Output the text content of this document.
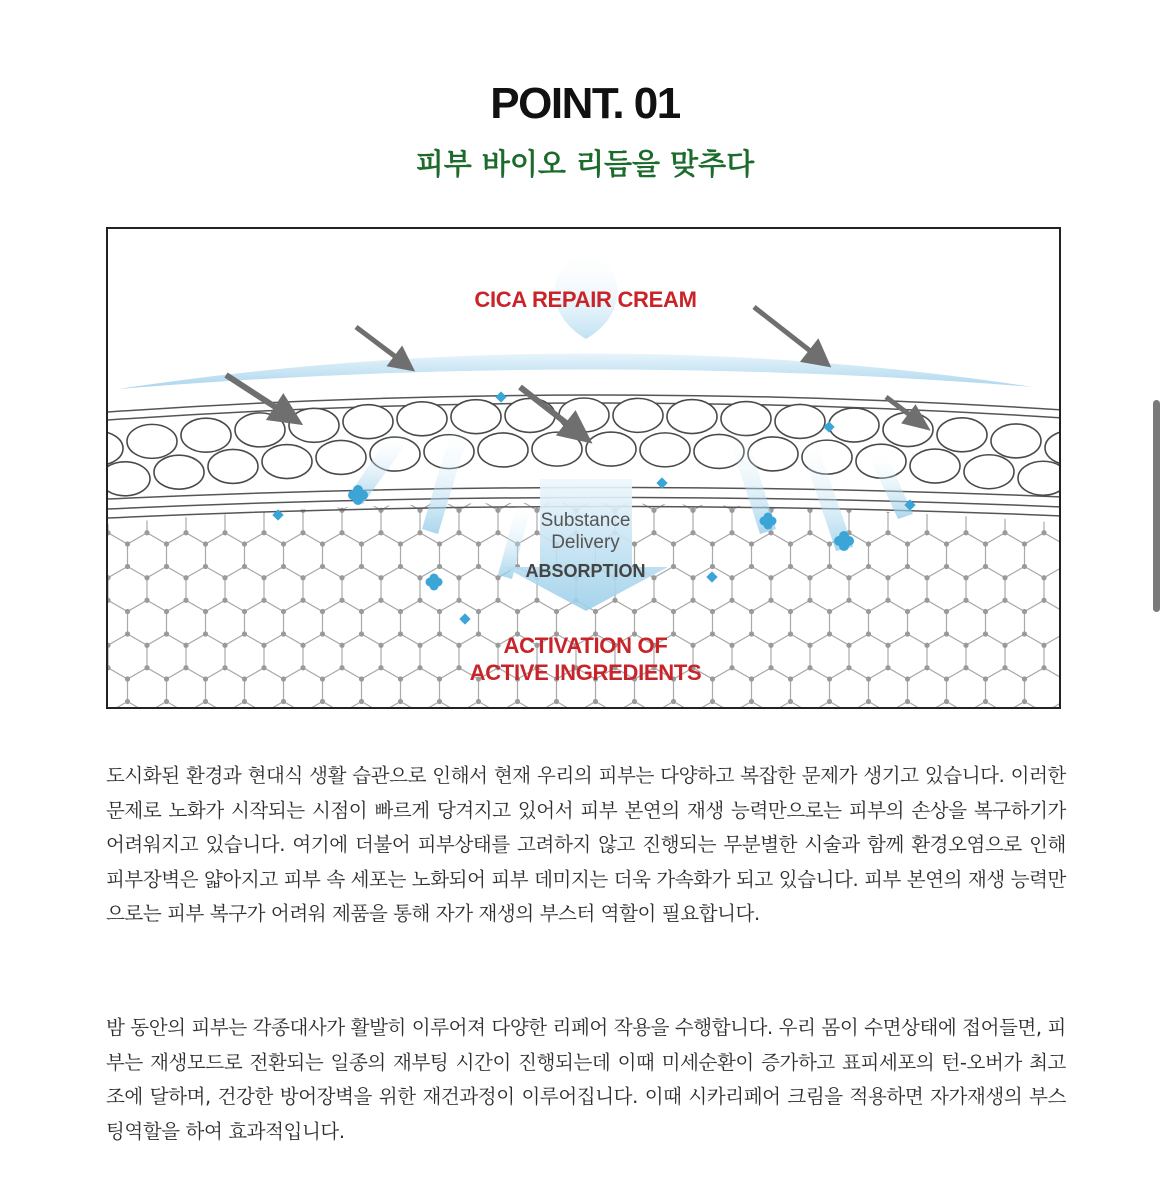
POINT. 01
피부 바이오 리듬을 맞추다
CICA REPAIR CREAM
Substance
Delivery
ABSORPTION
ACTIVATION OF
ACTIVE INGREDIENTS

도시화된 환경과 현대식 생활 습관으로 인해서 현재 우리의 피부는 다양하고 복잡한 문제가 생기고 있습니다. 이러한 문제로 노화가 시작되는 시점이 빠르게 당겨지고 있어서 피부 본연의 재생 능력만으로는 피부의 손상을 복구하기가 어려워지고 있습니다. 여기에 더불어 피부상태를 고려하지 않고 진행되는 무분별한 시술과 함께 환경오염으로 인해 피부장벽은 얇아지고 피부 속 세포는 노화되어 피부 데미지는 더욱 가속화가 되고 있습니다. 피부 본연의 재생 능력만으로는 피부 복구가 어려워 제품을 통해 자가 재생의 부스터 역할이 필요합니다.

밤 동안의 피부는 각종대사가 활발히 이루어져 다양한 리페어 작용을 수행합니다. 우리 몸이 수면상태에 접어들면, 피부는 재생모드로 전환되는 일종의 재부팅 시간이 진행되는데 이때 미세순환이 증가하고 표피세포의 턴-오버가 최고조에 달하며, 건강한 방어장벽을 위한 재건과정이 이루어집니다. 이때 시카리페어 크림을 적용하면 자가재생의 부스팅역할을 하여 효과적입니다.
